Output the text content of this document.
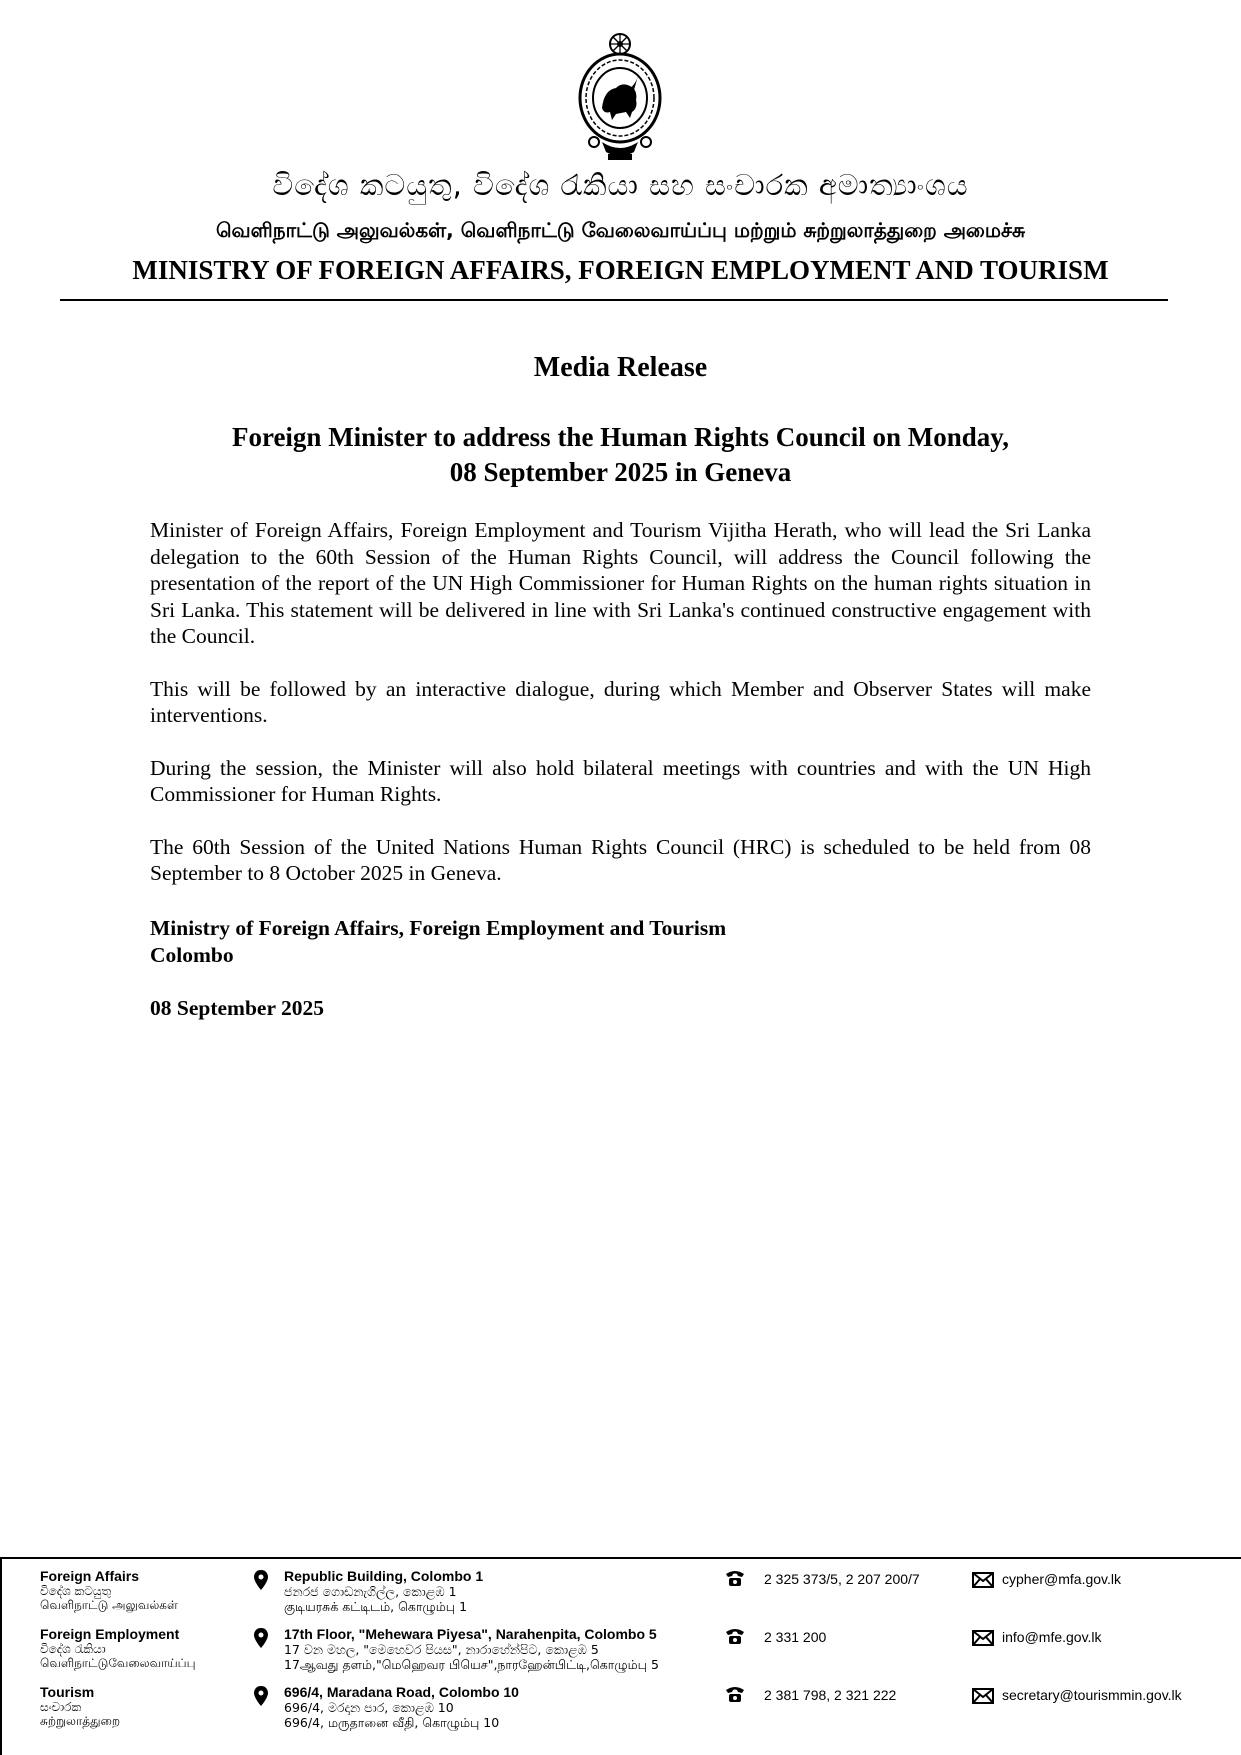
විදේශ කටයුතු, විදේශ රැකියා සහ සංචාරක අමාත්‍යාංශය
வெளிநாட்டு அலுவல்கள், வெளிநாட்டு வேலைவாய்ப்பு மற்றும் சுற்றுலாத்துறை அமைச்சு
MINISTRY OF FOREIGN AFFAIRS, FOREIGN EMPLOYMENT AND TOURISM
Media Release
Foreign Minister to address the Human Rights Council on Monday,
08 September 2025 in Geneva

Minister of Foreign Affairs, Foreign Employment and Tourism Vijitha Herath, who will lead the Sri Lanka delegation to the 60th Session of the Human Rights Council, will address the Council following the presentation of the report of the UN High Commissioner for Human Rights on the human rights situation in Sri Lanka. This statement will be delivered in line with Sri Lanka's continued constructive engagement with the Council.

This will be followed by an interactive dialogue, during which Member and Observer States will make interventions.

During the session, the Minister will also hold bilateral meetings with countries and with the UN High Commissioner for Human Rights.

The 60th Session of the United Nations Human Rights Council (HRC) is scheduled to be held from 08 September to 8 October 2025 in Geneva.

Ministry of Foreign Affairs, Foreign Employment and Tourism
Colombo
08 September 2025
Foreign Affairs
විදේශ කටයුතු
வெளிநாட்டு அலுவல்கள்
Republic Building, Colombo 1
ජනරජ ගොඩනැගිල්ල, කොළඹ 1
குடியரசுக் கட்டிடம், கொழும்பு 1
2 325 373/5, 2 207 200/7	cypher@mfa.gov.lk
Foreign Employment
විදේශ රැකියා
வெளிநாட்டுவேலைவாய்ப்பு
17th Floor, "Mehewara Piyesa", Narahenpita, Colombo 5
17 වන මහල, "මෙහෙවර පියස", නාරාහේන්පිට, කොළඹ 5
17ஆவது தளம்,"மெஹெவர பியெச",நாரஹேன்பிட்டி,கொழும்பு 5
2 331 200	info@mfe.gov.lk
Tourism
සංචාරක
சுற்றுலாத்துறை
696/4, Maradana Road, Colombo 10
696/4, මරදාන පාර, කොළඹ 10
696/4, மருதானை வீதி, கொழும்பு 10
2 381 798, 2 321 222	secretary@tourismmin.gov.lk
